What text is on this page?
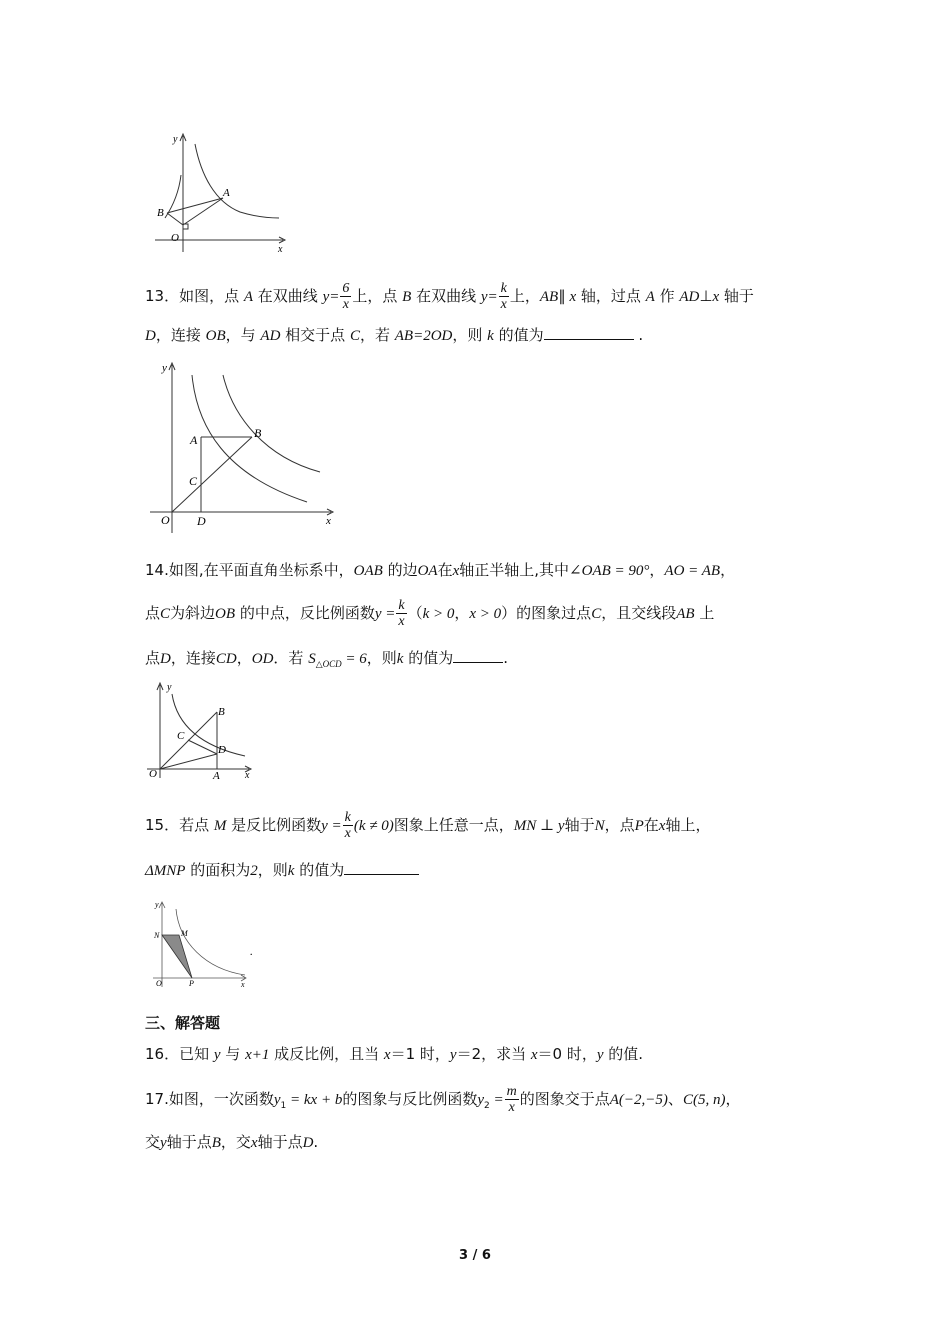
y
x
O
A
B
13．如图，点 A 在双曲线 $y= \frac{6}{x}$ 上，点 B 在双曲线 $y= \frac{k}{x}$ 上，AB∥ x 轴，过点 A 作 AD⊥x 轴于
D，连接 OB，与 AD 相交于点 C，若 AB=2OD，则 k 的值为	.
y
x
O
A	B
C
D
14.如图,在平面直角坐标系中，OAB 的边OA在x轴正半轴上,其中∠OAB = 90°，AO = AB，
点C为斜边OB 的中点，反比例函数$y = \frac{k}{x} (k > 0$，x > 0）的图象过点C，且交线段AB 上
点D，连接CD，OD．若 $S_{\triangle OCD} = 6$，则k 的值为	.
y
x
O	A
B
C
D
15．若点 M 是反比例函数$y = \frac{k}{x} (k \ne 0)$图象上任意一点，MN ⊥ y轴于N，点P在x轴上，
ΔMNP 的面积为2，则k 的值为
y
x
O
N	M
P
.
三、解答题
16．已知 y 与 x+1 成反比例，且当 x＝1 时，y＝2，求当 x＝0 时，y 的值.
17.如图，一次函数$y_1$ = kx + b的图象与反比例函数$y_2 = \frac{m}{x}$ 的图象交于点A(−2,−5)、C(5, n)，
交y轴于点B，交x轴于点D.
3 / 6
